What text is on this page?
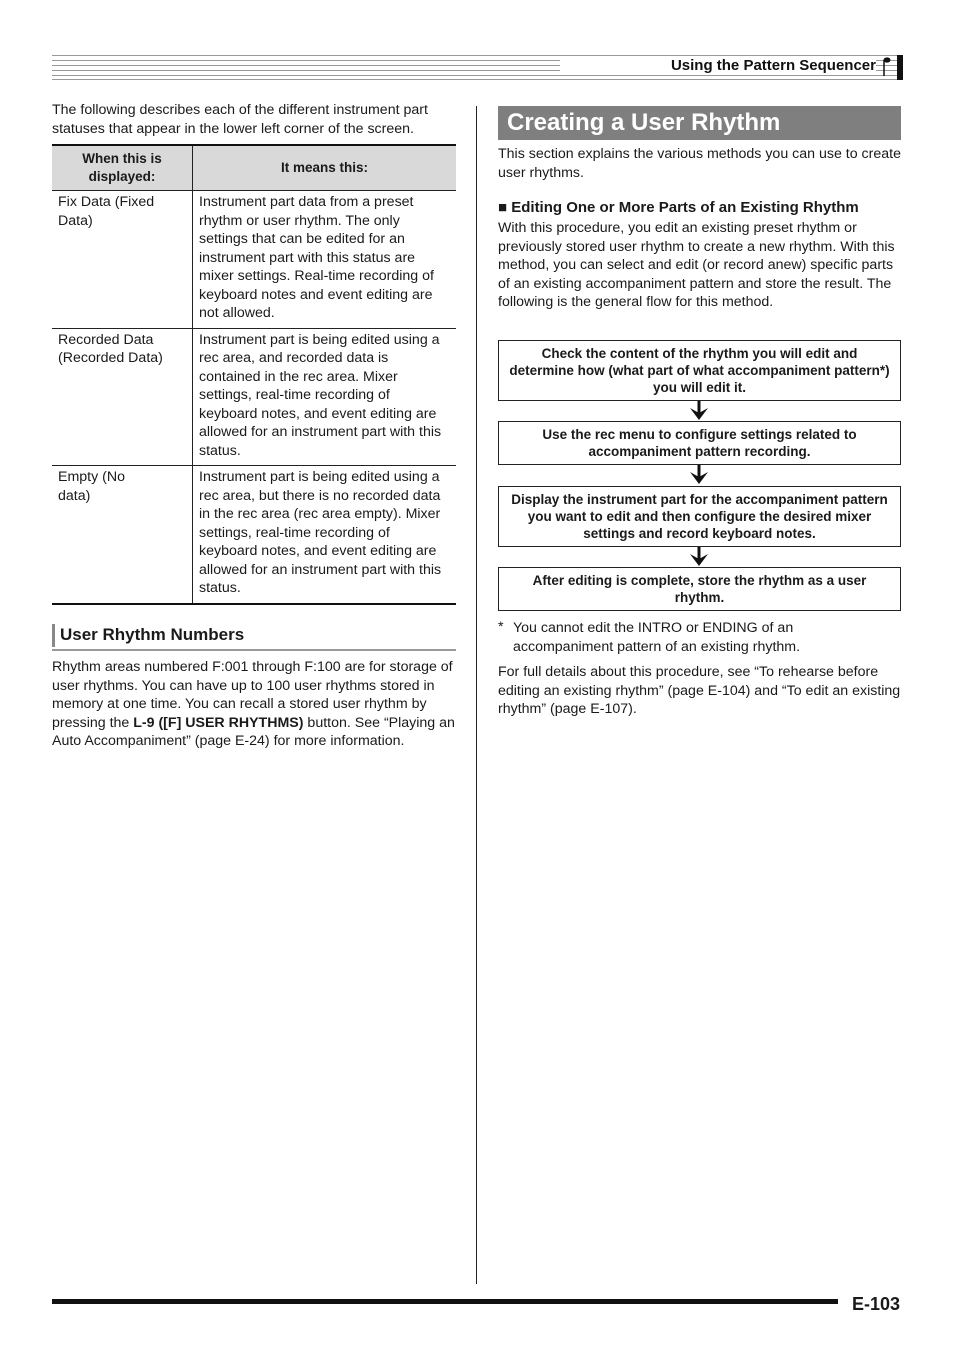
Using the Pattern Sequencer

The following describes each of the different instrument part statuses that appear in the lower left corner of the screen.

When this is displayed:	It means this:

Fix Data (Fixed Data)	Instrument part data from a preset rhythm or user rhythm. The only settings that can be edited for an instrument part with this status are mixer settings. Real-time recording of keyboard notes and event editing are not allowed.

Recorded Data (Recorded Data)	Instrument part is being edited using a rec area, and recorded data is contained in the rec area. Mixer settings, real-time recording of keyboard notes, and event editing are allowed for an instrument part with this status.

Empty (No data)	Instrument part is being edited using a rec area, but there is no recorded data in the rec area (rec area empty). Mixer settings, real-time recording of keyboard notes, and event editing are allowed for an instrument part with this status.
User Rhythm Numbers

Rhythm areas numbered F:001 through F:100 are for storage of user rhythms. You can have up to 100 user rhythms stored in memory at one time. You can recall a stored user rhythm by pressing the L-9 ([F] USER RHYTHMS) button. See “Playing an Auto Accompaniment” (page E-24) for more information.

Creating a User Rhythm

This section explains the various methods you can use to create user rhythms.

■ Editing One or More Parts of an Existing Rhythm

With this procedure, you edit an existing preset rhythm or previously stored user rhythm to create a new rhythm. With this method, you can select and edit (or record anew) specific parts of an existing accompaniment pattern and store the result. The following is the general flow for this method.

Check the content of the rhythm you will edit and determine how (what part of what accompaniment pattern*) you will edit it.
Use the rec menu to configure settings related to accompaniment pattern recording.
Display the instrument part for the accompaniment pattern you want to edit and then configure the desired mixer settings and record keyboard notes.
After editing is complete, store the rhythm as a user rhythm.
* You cannot edit the INTRO or ENDING of an accompaniment pattern of an existing rhythm.

For full details about this procedure, see “To rehearse before editing an existing rhythm” (page E-104) and “To edit an existing rhythm” (page E-107).

E-103
